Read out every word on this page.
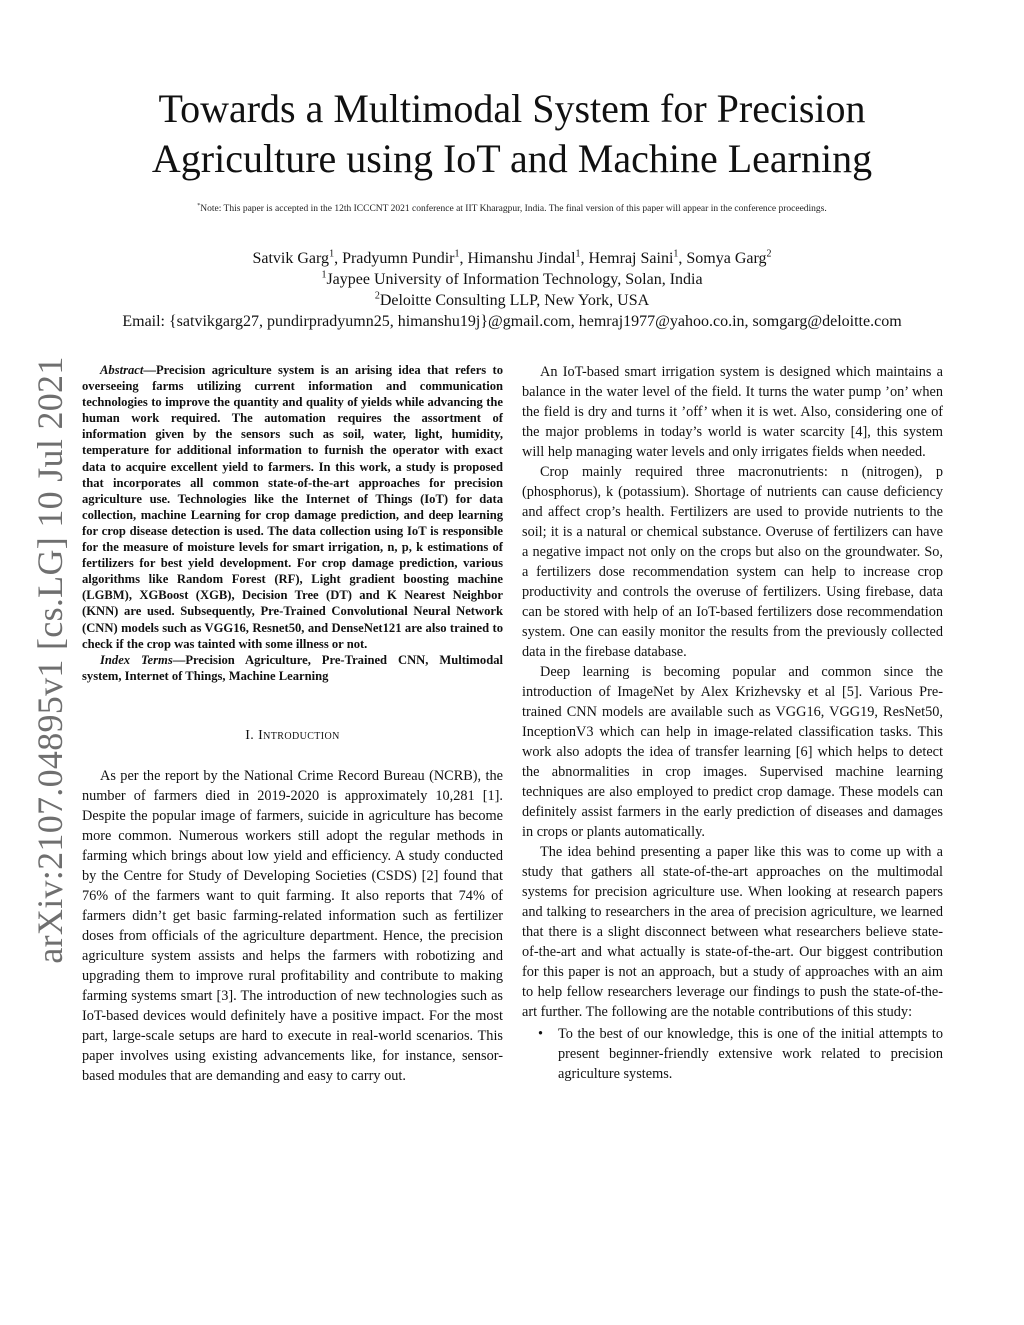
arXiv:2107.04895v1 [cs.LG] 10 Jul 2021
Towards a Multimodal System for Precision
Agriculture using IoT and Machine Learning
*Note: This paper is accepted in the 12th ICCCNT 2021 conference at IIT Kharagpur, India. The final version of this paper will appear in the conference proceedings.
Satvik Garg$^1$, Pradyumn Pundir$^1$, Himanshu Jindal$^1$, Hemraj Saini$^1$, Somya Garg$^2$
$^1$Jaypee University of Information Technology, Solan, India
$^2$Deloitte Consulting LLP, New York, USA
Email: {satvikgarg27, pundirpradyumn25, himanshu19j}@gmail.com, hemraj1977@yahoo.co.in, somgarg@deloitte.com

Abstract—Precision agriculture system is an arising idea that refers to overseeing farms utilizing current information and communication technologies to improve the quantity and quality of yields while advancing the human work required. The automation requires the assortment of information given by the sensors such as soil, water, light, humidity, temperature for additional information to furnish the operator with exact data to acquire excellent yield to farmers. In this work, a study is proposed that incorporates all common state-of-the-art approaches for precision agriculture use. Technologies like the Internet of Things (IoT) for data collection, machine Learning for crop damage prediction, and deep learning for crop disease detection is used. The data collection using IoT is responsible for the measure of moisture levels for smart irrigation, n, p, k estimations of fertilizers for best yield development. For crop damage prediction, various algorithms like Random Forest (RF), Light gradient boosting machine (LGBM), XGBoost (XGB), Decision Tree (DT) and K Nearest Neighbor (KNN) are used. Subsequently, Pre-Trained Convolutional Neural Network (CNN) models such as VGG16, Resnet50, and DenseNet121 are also trained to check if the crop was tainted with some illness or not.

Index Terms—Precision Agriculture, Pre-Trained CNN, Multimodal system, Internet of Things, Machine Learning

I. Introduction

As per the report by the National Crime Record Bureau (NCRB), the number of farmers died in 2019-2020 is approximately 10,281 [1]. Despite the popular image of farmers, suicide in agriculture has become more common. Numerous workers still adopt the regular methods in farming which brings about low yield and efficiency. A study conducted by the Centre for Study of Developing Societies (CSDS) [2] found that 76% of the farmers want to quit farming. It also reports that 74% of farmers didn’t get basic farming-related information such as fertilizer doses from officials of the agriculture department. Hence, the precision agriculture system assists and helps the farmers with robotizing and upgrading them to improve rural profitability and contribute to making farming systems smart [3]. The introduction of new technologies such as IoT-based devices would definitely have a positive impact. For the most part, large-scale setups are hard to execute in real-world scenarios. This paper involves using existing advancements like, for instance, sensor-based modules that are demanding and easy to carry out.

An IoT-based smart irrigation system is designed which maintains a balance in the water level of the field. It turns the water pump ’on’ when the field is dry and turns it ’off’ when it is wet. Also, considering one of the major problems in today’s world is water scarcity [4], this system will help managing water levels and only irrigates fields when needed.

Crop mainly required three macronutrients: n (nitrogen), p (phosphorus), k (potassium). Shortage of nutrients can cause deficiency and affect crop’s health. Fertilizers are used to provide nutrients to the soil; it is a natural or chemical substance. Overuse of fertilizers can have a negative impact not only on the crops but also on the groundwater. So, a fertilizers dose recommendation system can help to increase crop productivity and controls the overuse of fertilizers. Using firebase, data can be stored with help of an IoT-based fertilizers dose recommendation system. One can easily monitor the results from the previously collected data in the firebase database.

Deep learning is becoming popular and common since the introduction of ImageNet by Alex Krizhevsky et al [5]. Various Pre-trained CNN models are available such as VGG16, VGG19, ResNet50, InceptionV3 which can help in image-related classification tasks. This work also adopts the idea of transfer learning [6] which helps to detect the abnormalities in crop images. Supervised machine learning techniques are also employed to predict crop damage. These models can definitely assist farmers in the early prediction of diseases and damages in crops or plants automatically.

The idea behind presenting a paper like this was to come up with a study that gathers all state-of-the-art approaches on the multimodal systems for precision agriculture use. When looking at research papers and talking to researchers in the area of precision agriculture, we learned that there is a slight disconnect between what researchers believe state-of-the-art and what actually is state-of-the-art. Our biggest contribution for this paper is not an approach, but a study of approaches with an aim to help fellow researchers leverage our findings to push the state-of-the-art further. The following are the notable contributions of this study:

• To the best of our knowledge, this is one of the initial attempts to present beginner-friendly extensive work related to precision agriculture systems.
